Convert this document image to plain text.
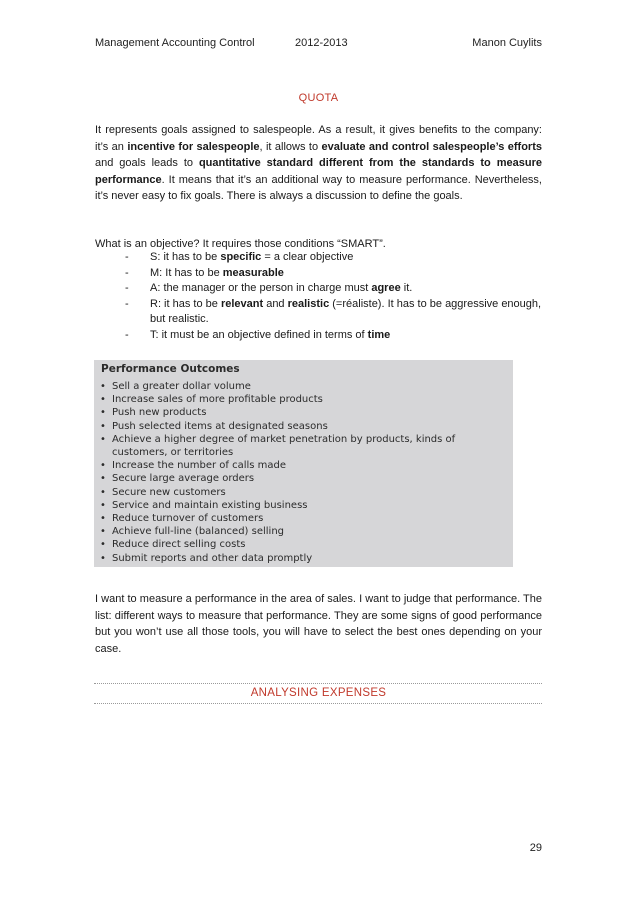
Management Accounting Control	2012-2013	Manon Cuylits
QUOTA

It represents goals assigned to salespeople. As a result, it gives benefits to the company: it’s an incentive for salespeople, it allows to evaluate and control salespeople’s efforts and goals leads to quantitative standard different from the standards to measure performance. It means that it’s an additional way to measure performance. Nevertheless, it’s never easy to fix goals. There is always a discussion to define the goals.

What is an objective? It requires those conditions “SMART”.

- S: it has to be specific = a clear objective
- M: It has to be measurable
- A: the manager or the person in charge must agree it.
- R: it has to be relevant and realistic (=réaliste). It has to be aggressive enough, but realistic.
- T: it must be an objective defined in terms of time
Performance Outcomes
• Sell a greater dollar volume
• Increase sales of more profitable products
• Push new products
• Push selected items at designated seasons
• Achieve a higher degree of market penetration by products, kinds of customers, or territories
• Increase the number of calls made
• Secure large average orders
• Secure new customers
• Service and maintain existing business
• Reduce turnover of customers
• Achieve full-line (balanced) selling
• Reduce direct selling costs
• Submit reports and other data promptly

I want to measure a performance in the area of sales. I want to judge that performance. The list: different ways to measure that performance. They are some signs of good performance but you won’t use all those tools, you will have to select the best ones depending on your case.

ANALYSING EXPENSES
29
